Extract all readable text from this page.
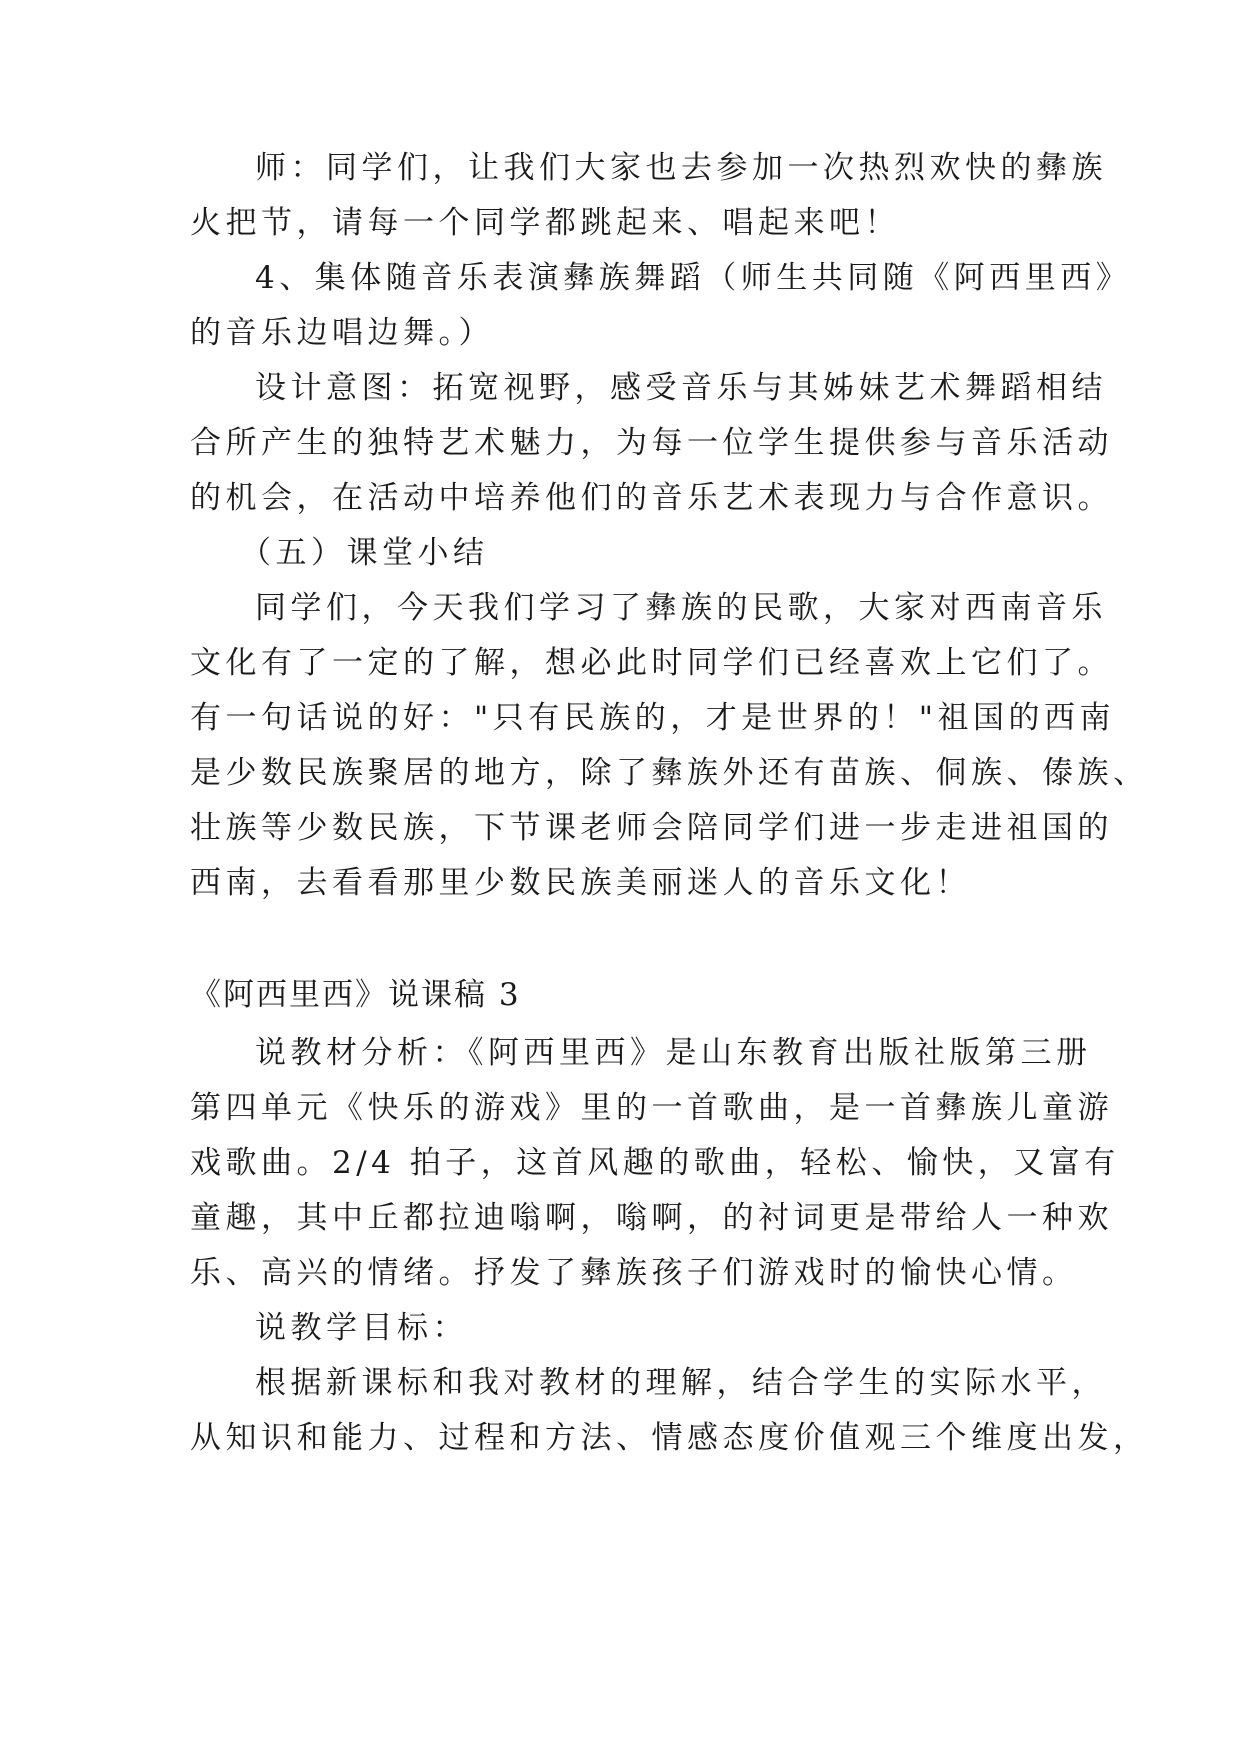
师：同学们，让我们大家也去参加一次热烈欢快的彝族
火把节，请每一个同学都跳起来、唱起来吧！
4、集体随音乐表演彝族舞蹈（师生共同随《阿西里西》
的音乐边唱边舞。）
设计意图：拓宽视野，感受音乐与其姊妹艺术舞蹈相结
合所产生的独特艺术魅力，为每一位学生提供参与音乐活动
的机会，在活动中培养他们的音乐艺术表现力与合作意识。
（五）课堂小结
同学们，今天我们学习了彝族的民歌，大家对西南音乐
文化有了一定的了解，想必此时同学们已经喜欢上它们了。
有一句话说的好："只有民族的，才是世界的！"祖国的西南
是少数民族聚居的地方，除了彝族外还有苗族、侗族、傣族、
壮族等少数民族，下节课老师会陪同学们进一步走进祖国的
西南，去看看那里少数民族美丽迷人的音乐文化！
《阿西里西》说课稿 3
说教材分析：《阿西里西》是山东教育出版社版第三册
第四单元《快乐的游戏》里的一首歌曲，是一首彝族儿童游
戏歌曲。2/4 拍子，这首风趣的歌曲，轻松、愉快，又富有
童趣，其中丘都拉迪嗡啊，嗡啊，的衬词更是带给人一种欢
乐、高兴的情绪。抒发了彝族孩子们游戏时的愉快心情。
说教学目标：
根据新课标和我对教材的理解，结合学生的实际水平，
从知识和能力、过程和方法、情感态度价值观三个维度出发，
